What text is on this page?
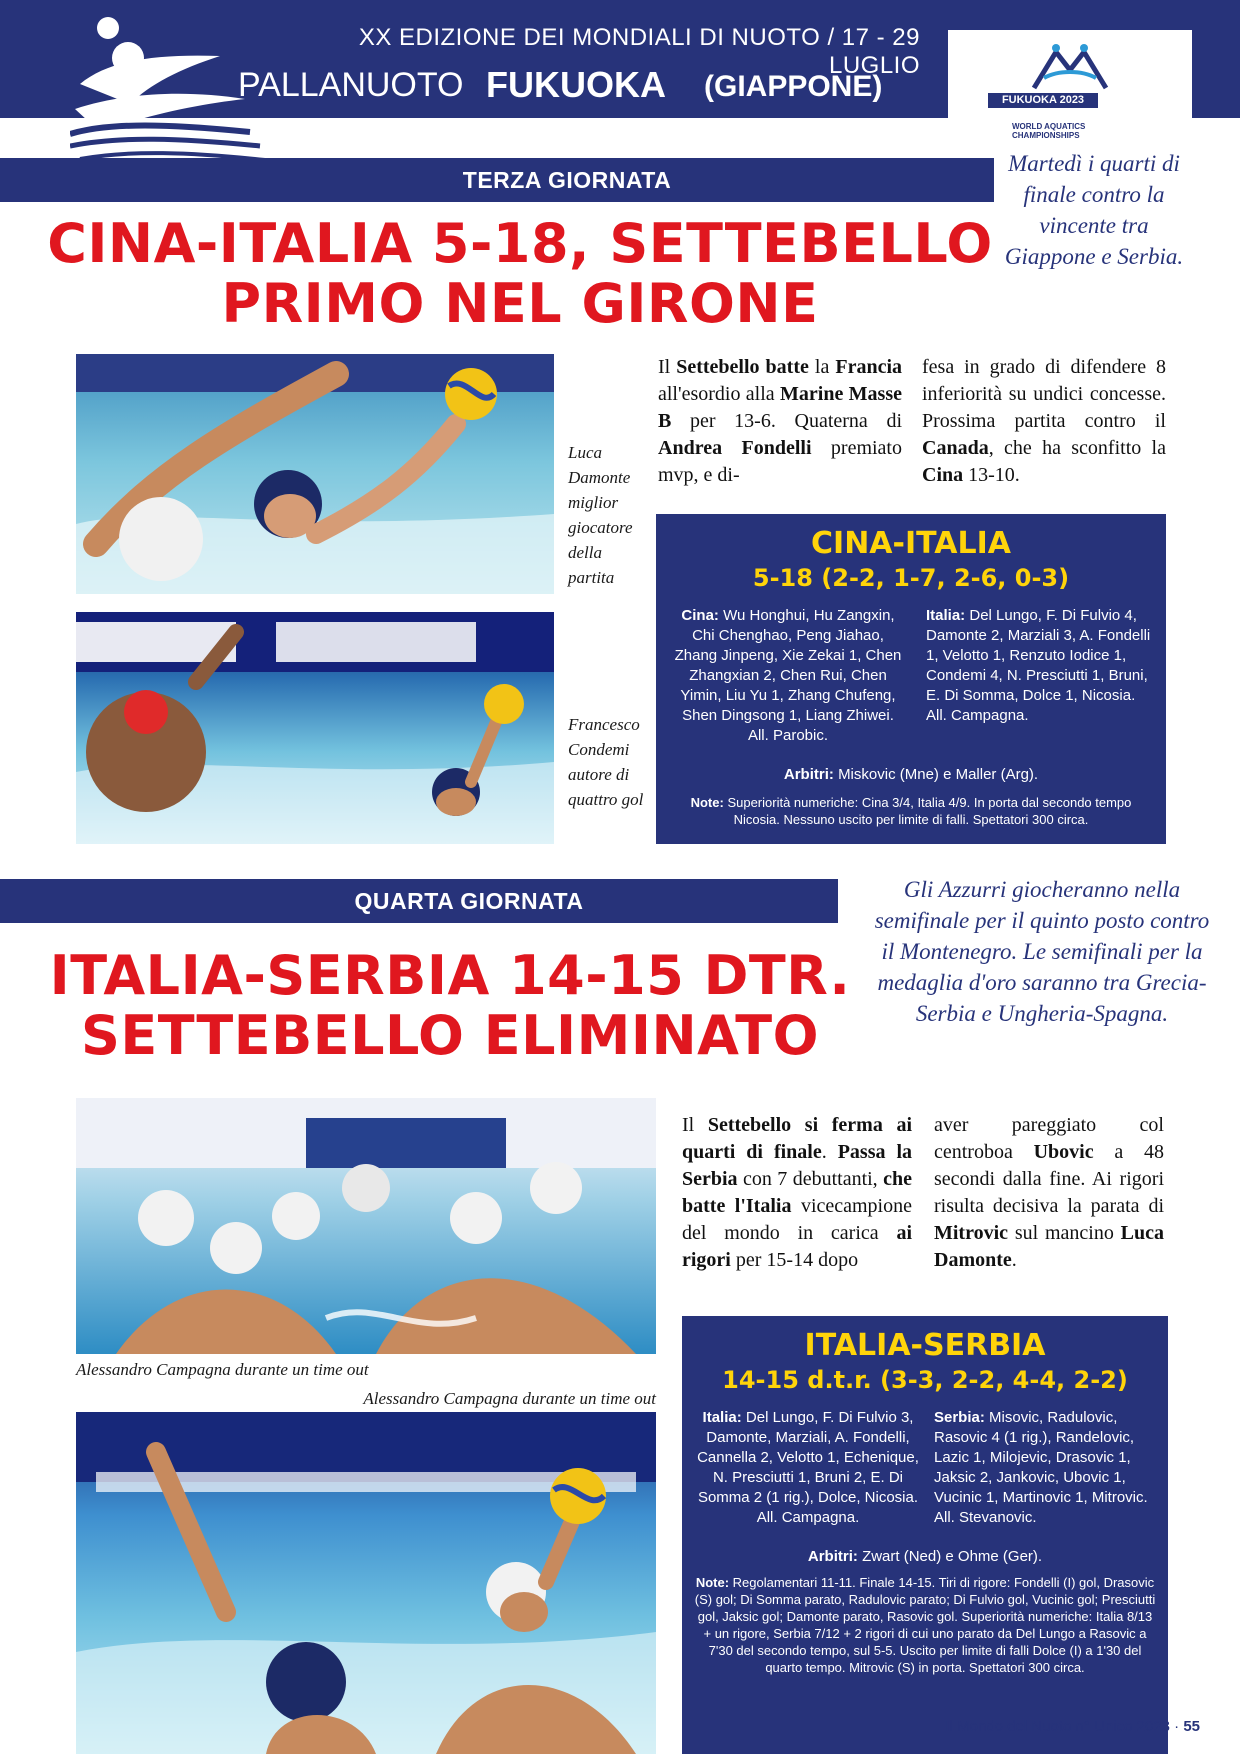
XX EDIZIONE DEI MONDIALI DI NUOTO / 17 - 29 LUGLIO
PALLANUOTO FUKUOKA (GIAPPONE)	FUKUOKA 2023
WORLD AQUATICS CHAMPIONSHIPS
TERZA GIORNATA
Martedì i quarti di finale contro la vincente tra Giappone e Serbia.
CINA-ITALIA 5-18, SETTEBELLO
PRIMO NEL GIRONE
Luca Damonte miglior giocatore della partita
Francesco Condemi autore di quattro gol
Il Settebello batte la Francia all'esordio alla Marine Masse B per 13-6. Quaterna di Andrea Fondelli premiato mvp, e di-
fesa in grado di difendere 8 inferiorità su undici concesse. Prossima partita contro il Canada, che ha sconfitto la Cina 13-10.
CINA-ITALIA
5-18 (2-2, 1-7, 2-6, 0-3)
Cina: Wu Honghui, Hu Zangxin, Chi Chenghao, Peng Jiahao, Zhang Jinpeng, Xie Zekai 1, Chen Zhangxian 2, Chen Rui, Chen Yimin, Liu Yu 1, Zhang Chufeng, Shen Dingsong 1, Liang Zhiwei. All. Parobic.
Italia: Del Lungo, F. Di Fulvio 4, Damonte 2, Marziali 3, A. Fondelli 1, Velotto 1, Renzuto Iodice 1, Condemi 4, N. Presciutti 1, Bruni, E. Di Somma, Dolce 1, Nicosia. All. Campagna.
Arbitri: Miskovic (Mne) e Maller (Arg).
Note: Superiorità numeriche: Cina 3/4, Italia 4/9. In porta dal secondo tempo Nicosia. Nessuno uscito per limite di falli. Spettatori 300 circa.
QUARTA GIORNATA	Gli Azzurri giocheranno nella semifinale per il quinto posto contro il Montenegro. Le semifinali per la medaglia d'oro saranno tra Grecia-Serbia e Ungheria-Spagna.
ITALIA-SERBIA 14-15 DTR.
SETTEBELLO ELIMINATO
Alessandro Campagna durante un time out
Alessandro Campagna durante un time out
Il Settebello si ferma ai quarti di finale. Passa la Serbia con 7 debuttanti, che batte l'Italia vicecampione del mondo in carica ai rigori per 15-14 dopo
aver pareggiato col centroboa Ubovic a 48 secondi dalla fine. Ai rigori risulta decisiva la parata di Mitrovic sul mancino Luca Damonte.
ITALIA-SERBIA
14-15 d.t.r. (3-3, 2-2, 4-4, 2-2)
Italia: Del Lungo, F. Di Fulvio 3, Damonte, Marziali, A. Fondelli, Cannella 2, Velotto 1, Echenique, N. Presciutti 1, Bruni 2, E. Di Somma 2 (1 rig.), Dolce, Nicosia. All. Campagna.
Serbia: Misovic, Radulovic, Rasovic 4 (1 rig.), Randelovic, Lazic 1, Milojevic, Drasovic 1, Jaksic 2, Jankovic, Ubovic 1, Vucinic 1, Martinovic 1, Mitrovic. All. Stevanovic.
Arbitri: Zwart (Ned) e Ohme (Ger).
Note: Regolamentari 11-11. Finale 14-15. Tiri di rigore: Fondelli (I) gol, Drasovic (S) gol; Di Somma parato, Radulovic parato; Di Fulvio gol, Vucinic gol; Presciutti gol, Jaksic gol; Damonte parato, Rasovic gol. Superiorità numeriche: Italia 8/13 + un rigore, Serbia 7/12 + 2 rigori di cui uno parato da Del Lungo a Rasovic a 7'30 del secondo tempo, sul 5-5. Uscito per limite di falli Dolce (I) a 1'30 del quarto tempo. Mitrovic (S) in porta. Spettatori 300 circa.
Il Mondo del Nuoto n° Unico 2023 · 55
